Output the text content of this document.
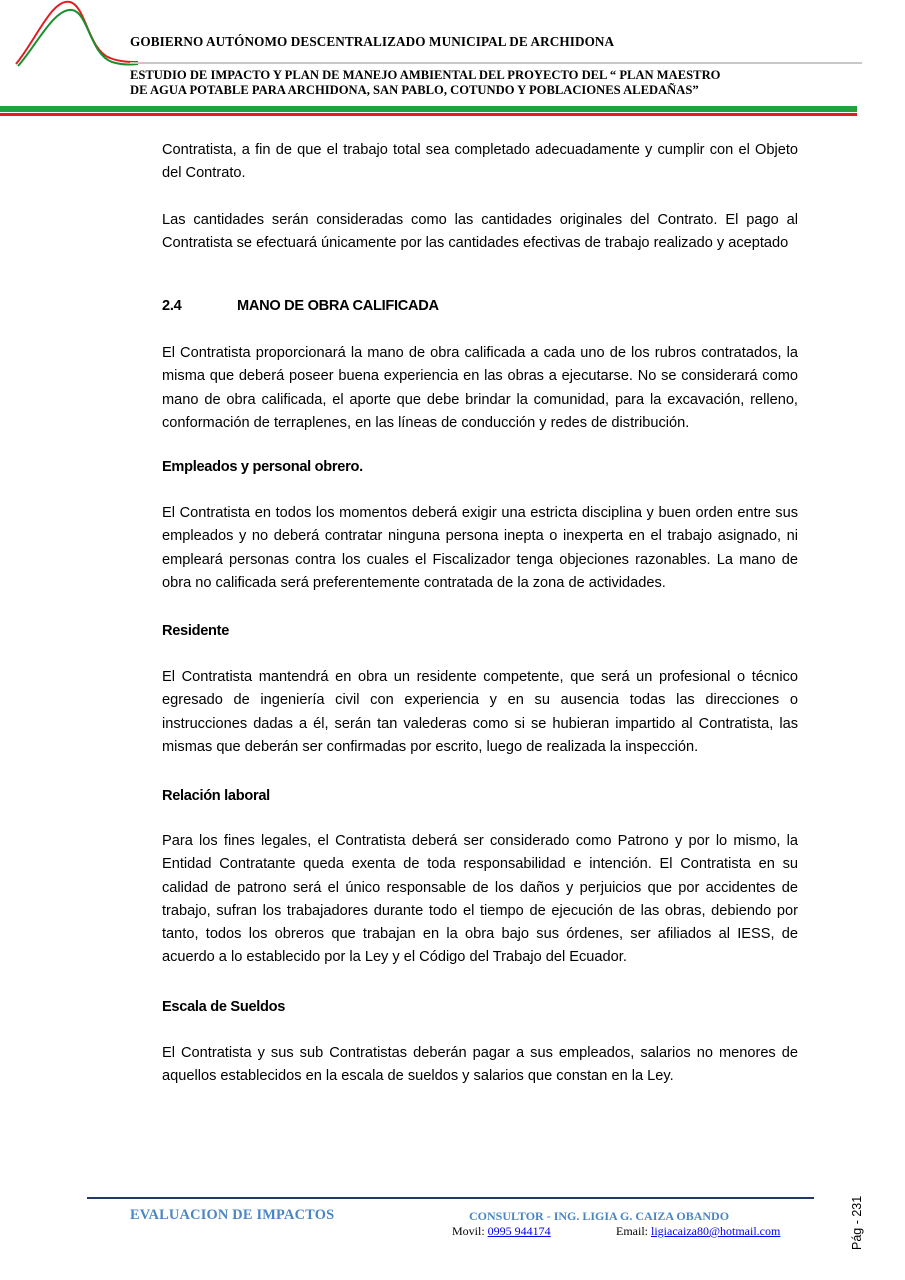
GOBIERNO AUTÓNOMO DESCENTRALIZADO MUNICIPAL DE ARCHIDONA
ESTUDIO DE IMPACTO Y PLAN DE MANEJO AMBIENTAL DEL PROYECTO DEL “ PLAN MAESTRO
DE AGUA POTABLE PARA ARCHIDONA, SAN PABLO, COTUNDO Y POBLACIONES ALEDAÑAS”

Contratista, a fin de que el trabajo total sea completado adecuadamente y cumplir con el Objeto del Contrato.

Las cantidades serán consideradas como las cantidades originales del Contrato. El pago al Contratista se efectuará únicamente por las cantidades efectivas de trabajo realizado y aceptado

2.4	MANO DE OBRA CALIFICADA

El Contratista proporcionará la mano de obra calificada a cada uno de los rubros contratados, la misma que deberá poseer buena experiencia en las obras a ejecutarse. No se considerará como mano de obra calificada, el aporte que debe brindar la comunidad, para la excavación, relleno, conformación de terraplenes, en las líneas de conducción y redes de distribución.

Empleados y personal obrero.

El Contratista en todos los momentos deberá exigir una estricta disciplina y buen orden entre sus empleados y no deberá contratar ninguna persona inepta o inexperta en el trabajo asignado, ni empleará personas contra los cuales el Fiscalizador tenga objeciones razonables. La mano de obra no calificada será preferentemente contratada de la zona de actividades.

Residente

El Contratista mantendrá en obra un residente competente, que será un profesional o técnico egresado de ingeniería civil con experiencia y en su ausencia todas las direcciones o instrucciones dadas a él, serán tan valederas como si se hubieran impartido al Contratista, las mismas que deberán ser confirmadas por escrito, luego de realizada la inspección.

Relación laboral

Para los fines legales, el Contratista deberá ser considerado como Patrono y por lo mismo, la Entidad Contratante queda exenta de toda responsabilidad e intención. El Contratista en su calidad de patrono será el único responsable de los daños y perjuicios que por accidentes de trabajo, sufran los trabajadores durante todo el tiempo de ejecución de las obras, debiendo por tanto, todos los obreros que trabajan en la obra bajo sus órdenes, ser afiliados al IESS, de acuerdo a lo establecido por la Ley y el Código del Trabajo del Ecuador.

Escala de Sueldos

El Contratista y sus sub Contratistas deberán pagar a sus empleados, salarios no menores de aquellos establecidos en la escala de sueldos y salarios que constan en la Ley.

EVALUACION DE IMPACTOS	CONSULTOR - ING. LIGIA G. CAIZA OBANDO
Movil: 0995 944174	Email: ligiacaiza80@hotmail.com	Pág - 231
